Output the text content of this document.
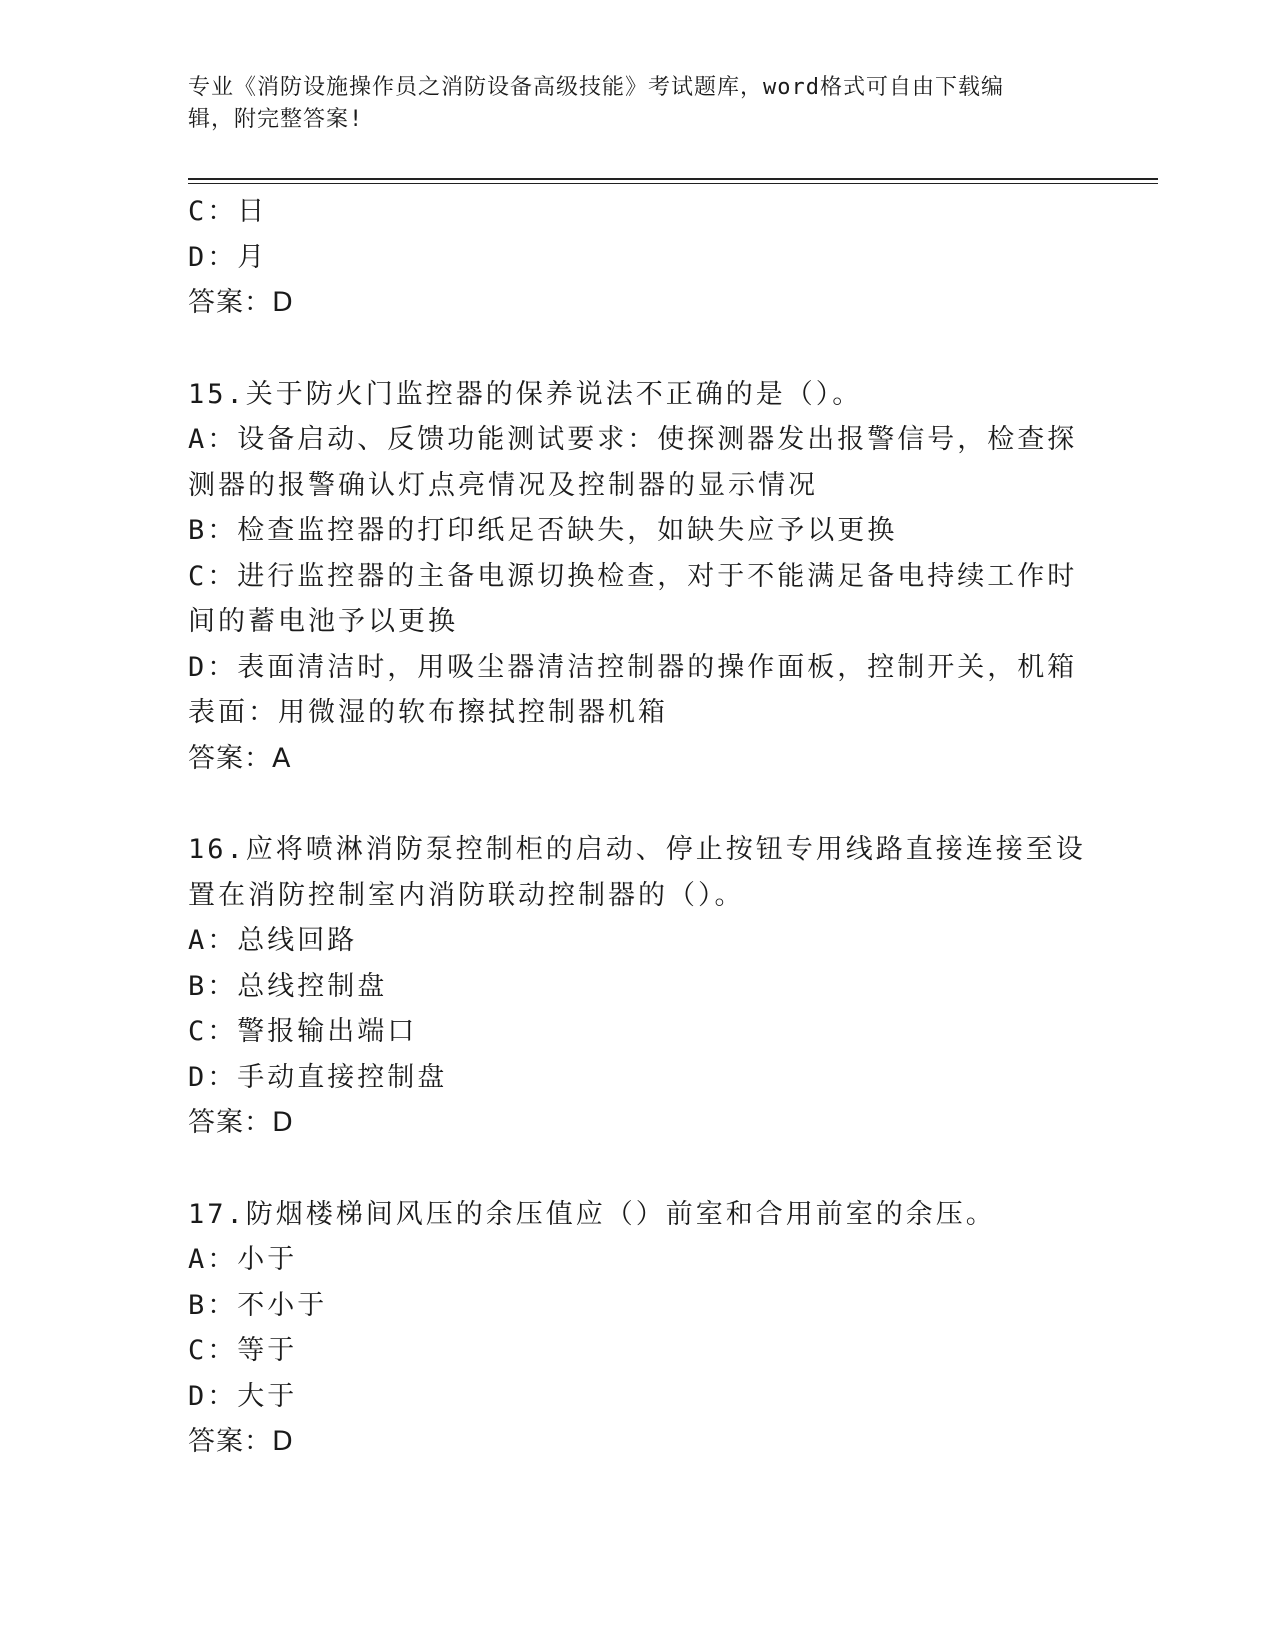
专业《消防设施操作员之消防设备高级技能》考试题库，word格式可自由下载编
辑，附完整答案!
C：日
D：月
答案：D
15.关于防火门监控器的保养说法不正确的是（）。
A：设备启动、反馈功能测试要求：使探测器发出报警信号，检查探测器的报警确认灯点亮情况及控制器的显示情况
B：检查监控器的打印纸足否缺失，如缺失应予以更换
C：进行监控器的主备电源切换检查，对于不能满足备电持续工作时间的蓄电池予以更换
D：表面清洁时，用吸尘器清洁控制器的操作面板，控制开关，机箱表面：用微湿的软布擦拭控制器机箱
答案：A
16.应将喷淋消防泵控制柜的启动、停止按钮专用线路直接连接至设置在消防控制室内消防联动控制器的（）。
A：总线回路
B：总线控制盘
C：警报输出端口
D：手动直接控制盘
答案：D
17.防烟楼梯间风压的余压值应（）前室和合用前室的余压。
A：小于
B：不小于
C：等于
D：大于
答案：D
